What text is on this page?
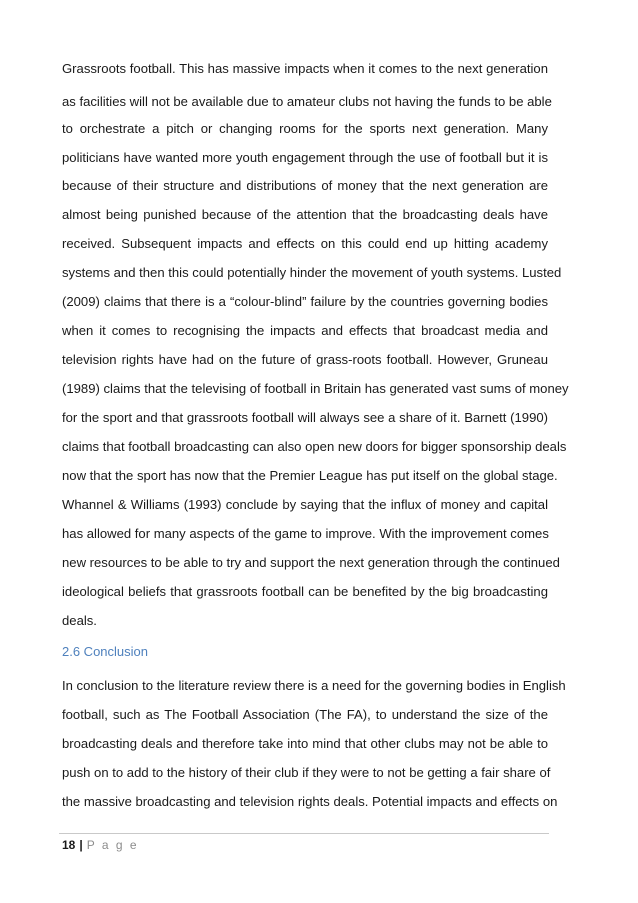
Grassroots football. This has massive impacts when it comes to the next generation
as facilities will not be available due to amateur clubs not having the funds to be able
to orchestrate a pitch or changing rooms for the sports next generation. Many
politicians have wanted more youth engagement through the use of football but it is
because of their structure and distributions of money that the next generation are
almost being punished because of the attention that the broadcasting deals have
received. Subsequent impacts and effects on this could end up hitting academy
systems and then this could potentially hinder the movement of youth systems. Lusted
(2009) claims that there is a “colour-blind” failure by the countries governing bodies
when it comes to recognising the impacts and effects that broadcast media and
television rights have had on the future of grass-roots football. However, Gruneau
(1989) claims that the televising of football in Britain has generated vast sums of money
for the sport and that grassroots football will always see a share of it. Barnett (1990)
claims that football broadcasting can also open new doors for bigger sponsorship deals
now that the sport has now that the Premier League has put itself on the global stage.
Whannel & Williams (1993) conclude by saying that the influx of money and capital
has allowed for many aspects of the game to improve. With the improvement comes
new resources to be able to try and support the next generation through the continued
ideological beliefs that grassroots football can be benefited by the big broadcasting
deals.
2.6 Conclusion
In conclusion to the literature review there is a need for the governing bodies in English
football, such as The Football Association (The FA), to understand the size of the
broadcasting deals and therefore take into mind that other clubs may not be able to
push on to add to the history of their club if they were to not be getting a fair share of
the massive broadcasting and television rights deals. Potential impacts and effects on
18 | P a g e
